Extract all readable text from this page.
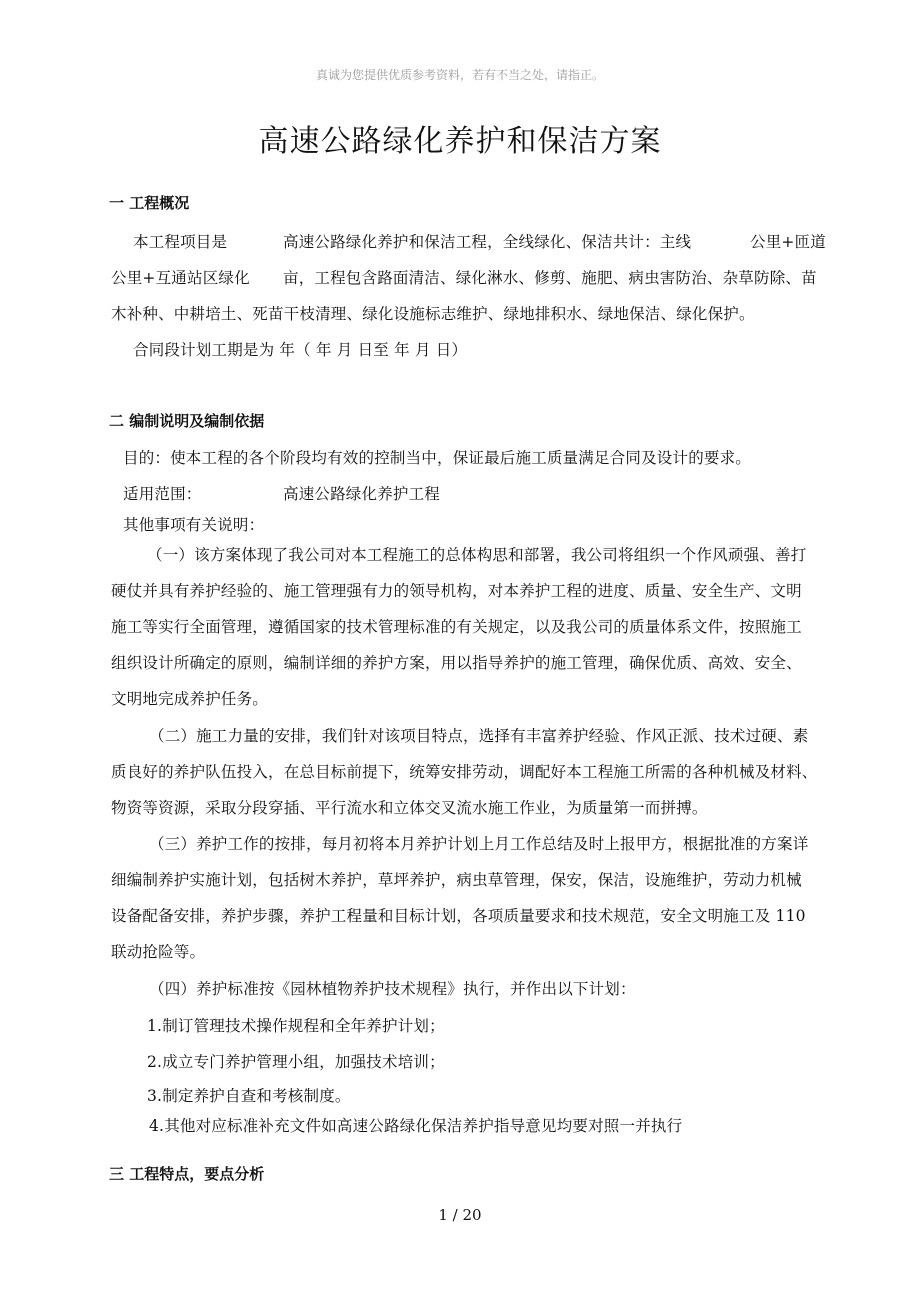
真诚为您提供优质参考资料，若有不当之处，请指正。
高速公路绿化养护和保洁方案
一 工程概况
本工程项目是	高速公路绿化养护和保洁工程，全线绿化、保洁共计：主线	公里+匝道
公里+互通站区绿化 亩，工程包含路面清洁、绿化淋水、修剪、施肥、病虫害防治、杂草防除、苗
木补种、中耕培土、死苗干枝清理、绿化设施标志维护、绿地排积水、绿地保洁、绿化保护。
合同段计划工期是为 年（ 年 月 日至 年 月 日）
二 编制说明及编制依据
目的：使本工程的各个阶段均有效的控制当中，保证最后施工质量满足合同及设计的要求。
适用范围：	高速公路绿化养护工程
其他事项有关说明：
（一）该方案体现了我公司对本工程施工的总体构思和部署，我公司将组织一个作风顽强、善打
硬仗并具有养护经验的、施工管理强有力的领导机构，对本养护工程的进度、质量、安全生产、文明
施工等实行全面管理，遵循国家的技术管理标准的有关规定，以及我公司的质量体系文件，按照施工
组织设计所确定的原则，编制详细的养护方案，用以指导养护的施工管理，确保优质、高效、安全、
文明地完成养护任务。
（二）施工力量的安排，我们针对该项目特点，选择有丰富养护经验、作风正派、技术过硬、素
质良好的养护队伍投入，在总目标前提下，统筹安排劳动，调配好本工程施工所需的各种机械及材料、
物资等资源，采取分段穿插、平行流水和立体交叉流水施工作业，为质量第一而拼搏。
（三）养护工作的按排，每月初将本月养护计划上月工作总结及时上报甲方，根据批准的方案详
细编制养护实施计划，包括树木养护，草坪养护，病虫草管理，保安，保洁，设施维护，劳动力机械
设备配备安排，养护步骤，养护工程量和目标计划，各项质量要求和技术规范，安全文明施工及 110
联动抢险等。
（四）养护标准按《园林植物养护技术规程》执行，并作出以下计划：
1.制订管理技术操作规程和全年养护计划；
2.成立专门养护管理小组，加强技术培训；
3.制定养护自查和考核制度。
4.其他对应标准补充文件如高速公路绿化保洁养护指导意见均要对照一并执行
三 工程特点，要点分析
1 / 20
